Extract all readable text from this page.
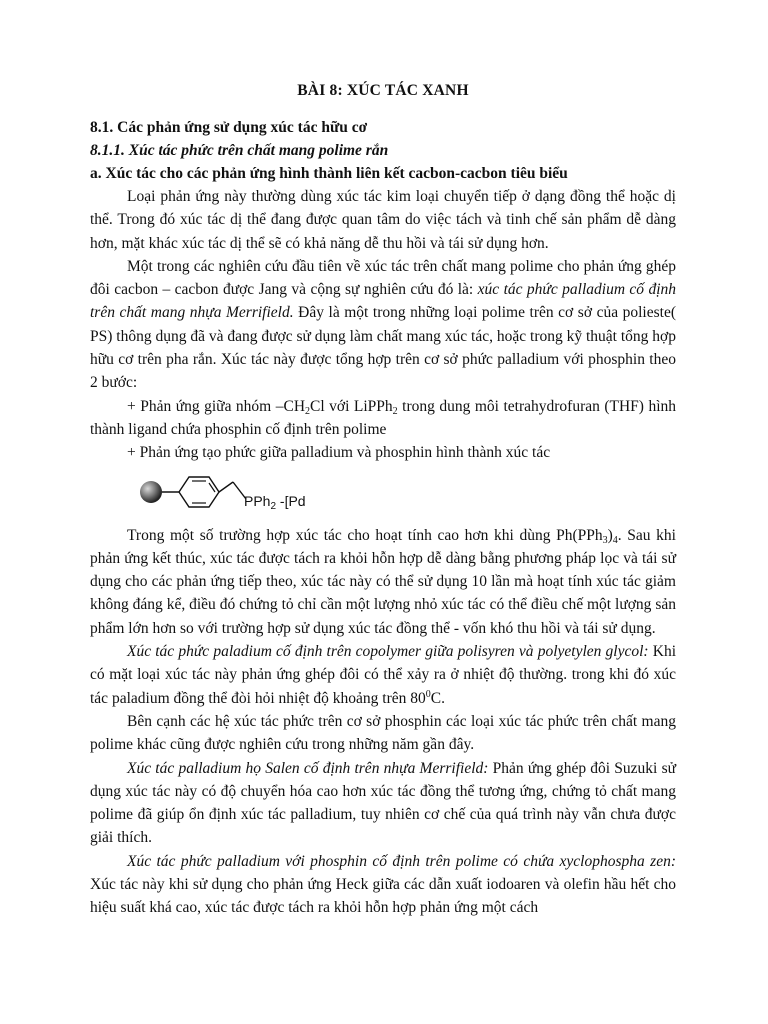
BÀI 8: XÚC TÁC XANH
8.1. Các phản ứng sử dụng xúc tác hữu cơ
8.1.1. Xúc tác phức trên chất mang polime rắn
a. Xúc tác cho các phản ứng hình thành liên kết cacbon-cacbon tiêu biểu

Loại phản ứng này thường dùng xúc tác kim loại chuyển tiếp ở dạng đồng thể hoặc dị thể. Trong đó xúc tác dị thể đang được quan tâm do việc tách và tinh chế sản phẩm dễ dàng hơn, mặt khác xúc tác dị thể sẽ có khả năng dễ thu hồi và tái sử dụng hơn.

Một trong các nghiên cứu đầu tiên về xúc tác trên chất mang polime cho phản ứng ghép đôi cacbon – cacbon được Jang và cộng sự nghiên cứu đó là: xúc tác phức palladium cố định trên chất mang nhựa Merrifield. Đây là một trong những loại polime trên cơ sở của polieste( PS) thông dụng đã và đang được sử dụng làm chất mang xúc tác, hoặc trong kỹ thuật tổng hợp hữu cơ trên pha rắn. Xúc tác này được tổng hợp trên cơ sở phức palladium với phosphin theo 2 bước:

+ Phản ứng giữa nhóm $-CH_2Cl$ với LiPPh$_2$ trong dung môi tetrahydrofuran (THF) hình thành ligand chứa phosphin cố định trên polime

+ Phản ứng tạo phức giữa palladium và phosphin hình thành xúc tác

PPh$_2$ -[Pd

Trong một số trường hợp xúc tác cho hoạt tính cao hơn khi dùng $Ph(PPh_3)_4$. Sau khi phản ứng kết thúc, xúc tác được tách ra khỏi hỗn hợp dễ dàng bằng phương pháp lọc và tái sử dụng cho các phản ứng tiếp theo, xúc tác này có thể sử dụng 10 lần mà hoạt tính xúc tác giảm không đáng kể, điều đó chứng tỏ chỉ cần một lượng nhỏ xúc tác có thể điều chế một lượng sản phẩm lớn hơn so với trường hợp sử dụng xúc tác đồng thể - vốn khó thu hồi và tái sử dụng.

Xúc tác phức paladium cố định trên copolymer giữa polisyren và polyetylen glycol: Khi có mặt loại xúc tác này phản ứng ghép đôi có thể xảy ra ở nhiệt độ thường. trong khi đó xúc tác paladium đồng thể đòi hỏi nhiệt độ khoảng trên $80^0C$.

Bên cạnh các hệ xúc tác phức trên cơ sở phosphin các loại xúc tác phức trên chất mang polime khác cũng được nghiên cứu trong những năm gần đây.

Xúc tác palladium họ Salen cố định trên nhựa Merrifield: Phản ứng ghép đôi Suzuki sử dụng xúc tác này có độ chuyển hóa cao hơn xúc tác đồng thể tương ứng, chứng tỏ chất mang polime đã giúp ổn định xúc tác palladium, tuy nhiên cơ chế của quá trình này vẫn chưa được giải thích.

Xúc tác phức palladium với phosphin cố định trên polime có chứa xyclophospha zen: Xúc tác này khi sử dụng cho phản ứng Heck giữa các dẫn xuất iodoaren và olefin hầu hết cho hiệu suất khá cao, xúc tác được tách ra khỏi hỗn hợp phản ứng một cách
